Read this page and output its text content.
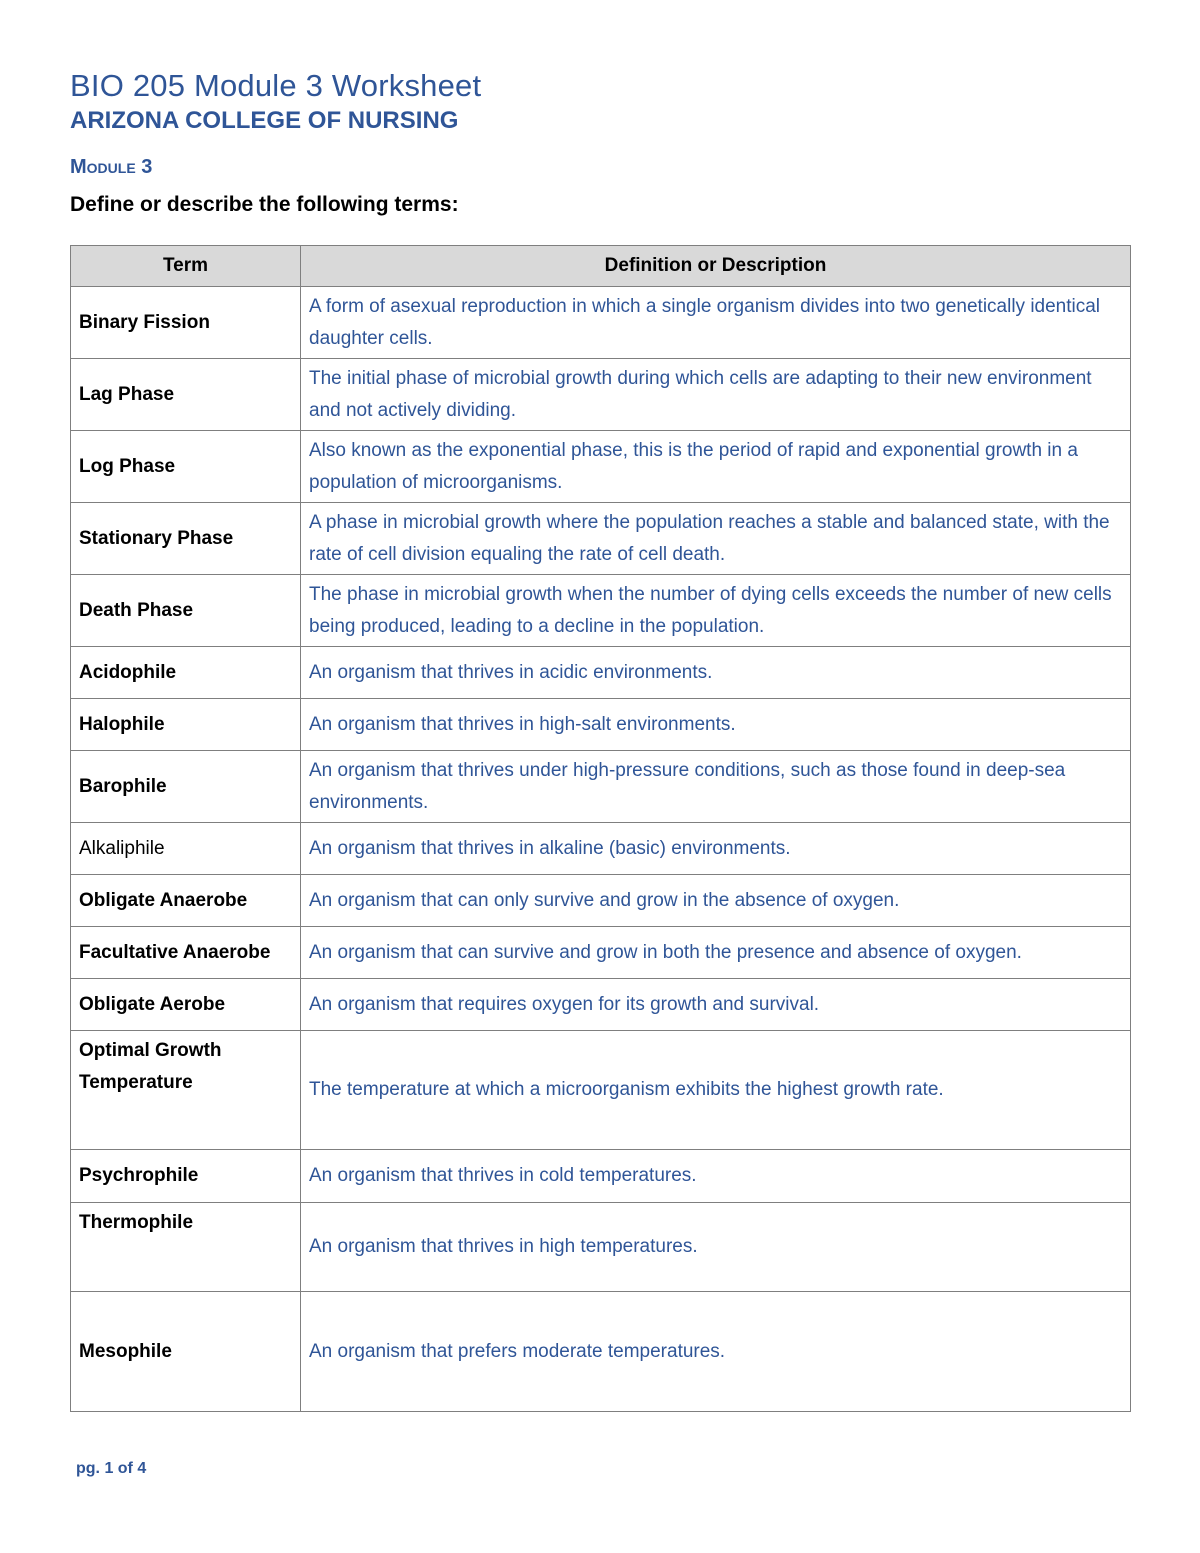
BIO 205 Module 3 Worksheet
ARIZONA COLLEGE OF NURSING
Module 3
Define or describe the following terms:
Term	Definition or Description
Binary Fission	A form of asexual reproduction in which a single organism divides into two genetically identical daughter cells.
Lag Phase	The initial phase of microbial growth during which cells are adapting to their new environment and not actively dividing.
Log Phase	Also known as the exponential phase, this is the period of rapid and exponential growth in a population of microorganisms.
Stationary Phase	A phase in microbial growth where the population reaches a stable and balanced state, with the rate of cell division equaling the rate of cell death.
Death Phase	The phase in microbial growth when the number of dying cells exceeds the number of new cells being produced, leading to a decline in the population.
Acidophile	An organism that thrives in acidic environments.
Halophile	An organism that thrives in high-salt environments.
Barophile	An organism that thrives under high-pressure conditions, such as those found in deep-sea environments.
Alkaliphile	An organism that thrives in alkaline (basic) environments.
Obligate Anaerobe	An organism that can only survive and grow in the absence of oxygen.
Facultative Anaerobe	An organism that can survive and grow in both the presence and absence of oxygen.
Obligate Aerobe	An organism that requires oxygen for its growth and survival.
Optimal Growth Temperature	The temperature at which a microorganism exhibits the highest growth rate.
Psychrophile	An organism that thrives in cold temperatures.
Thermophile	An organism that thrives in high temperatures.
Mesophile	An organism that prefers moderate temperatures.
pg. 1 of 4
